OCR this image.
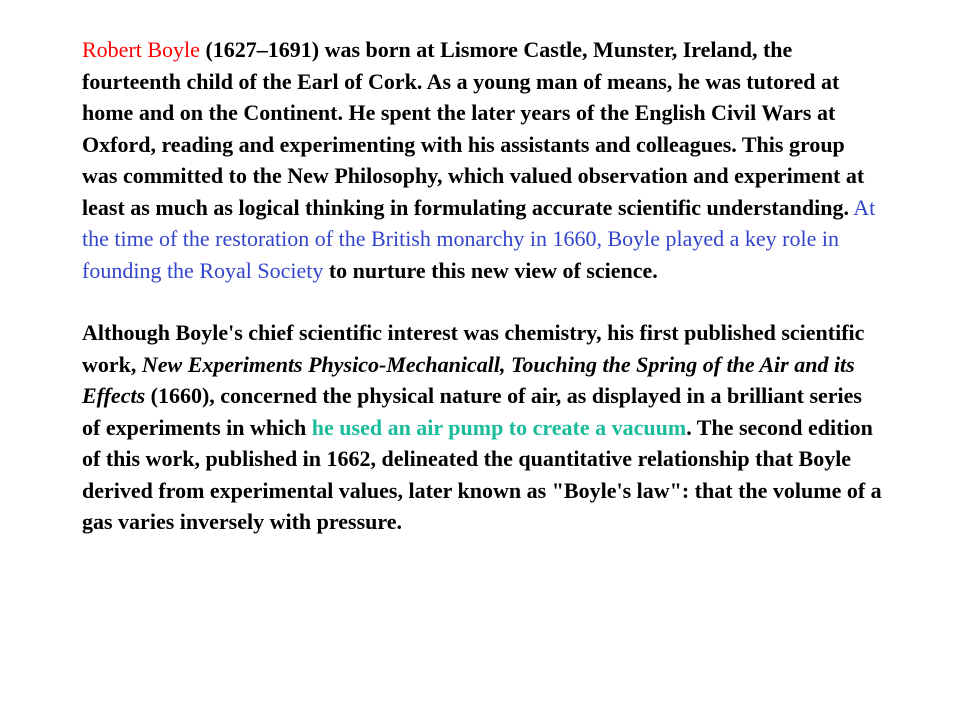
Robert Boyle (1627–1691) was born at Lismore Castle, Munster, Ireland, the fourteenth child of the Earl of Cork. As a young man of means, he was tutored at home and on the Continent. He spent the later years of the English Civil Wars at Oxford, reading and experimenting with his assistants and colleagues. This group was committed to the New Philosophy, which valued observation and experiment at least as much as logical thinking in formulating accurate scientific understanding. At the time of the restoration of the British monarchy in 1660, Boyle played a key role in founding the Royal Society to nurture this new view of science.

Although Boyle's chief scientific interest was chemistry, his first published scientific work, New Experiments Physico-Mechanicall, Touching the Spring of the Air and its Effects (1660), concerned the physical nature of air, as displayed in a brilliant series of experiments in which he used an air pump to create a vacuum. The second edition of this work, published in 1662, delineated the quantitative relationship that Boyle derived from experimental values, later known as "Boyle's law": that the volume of a gas varies inversely with pressure.
